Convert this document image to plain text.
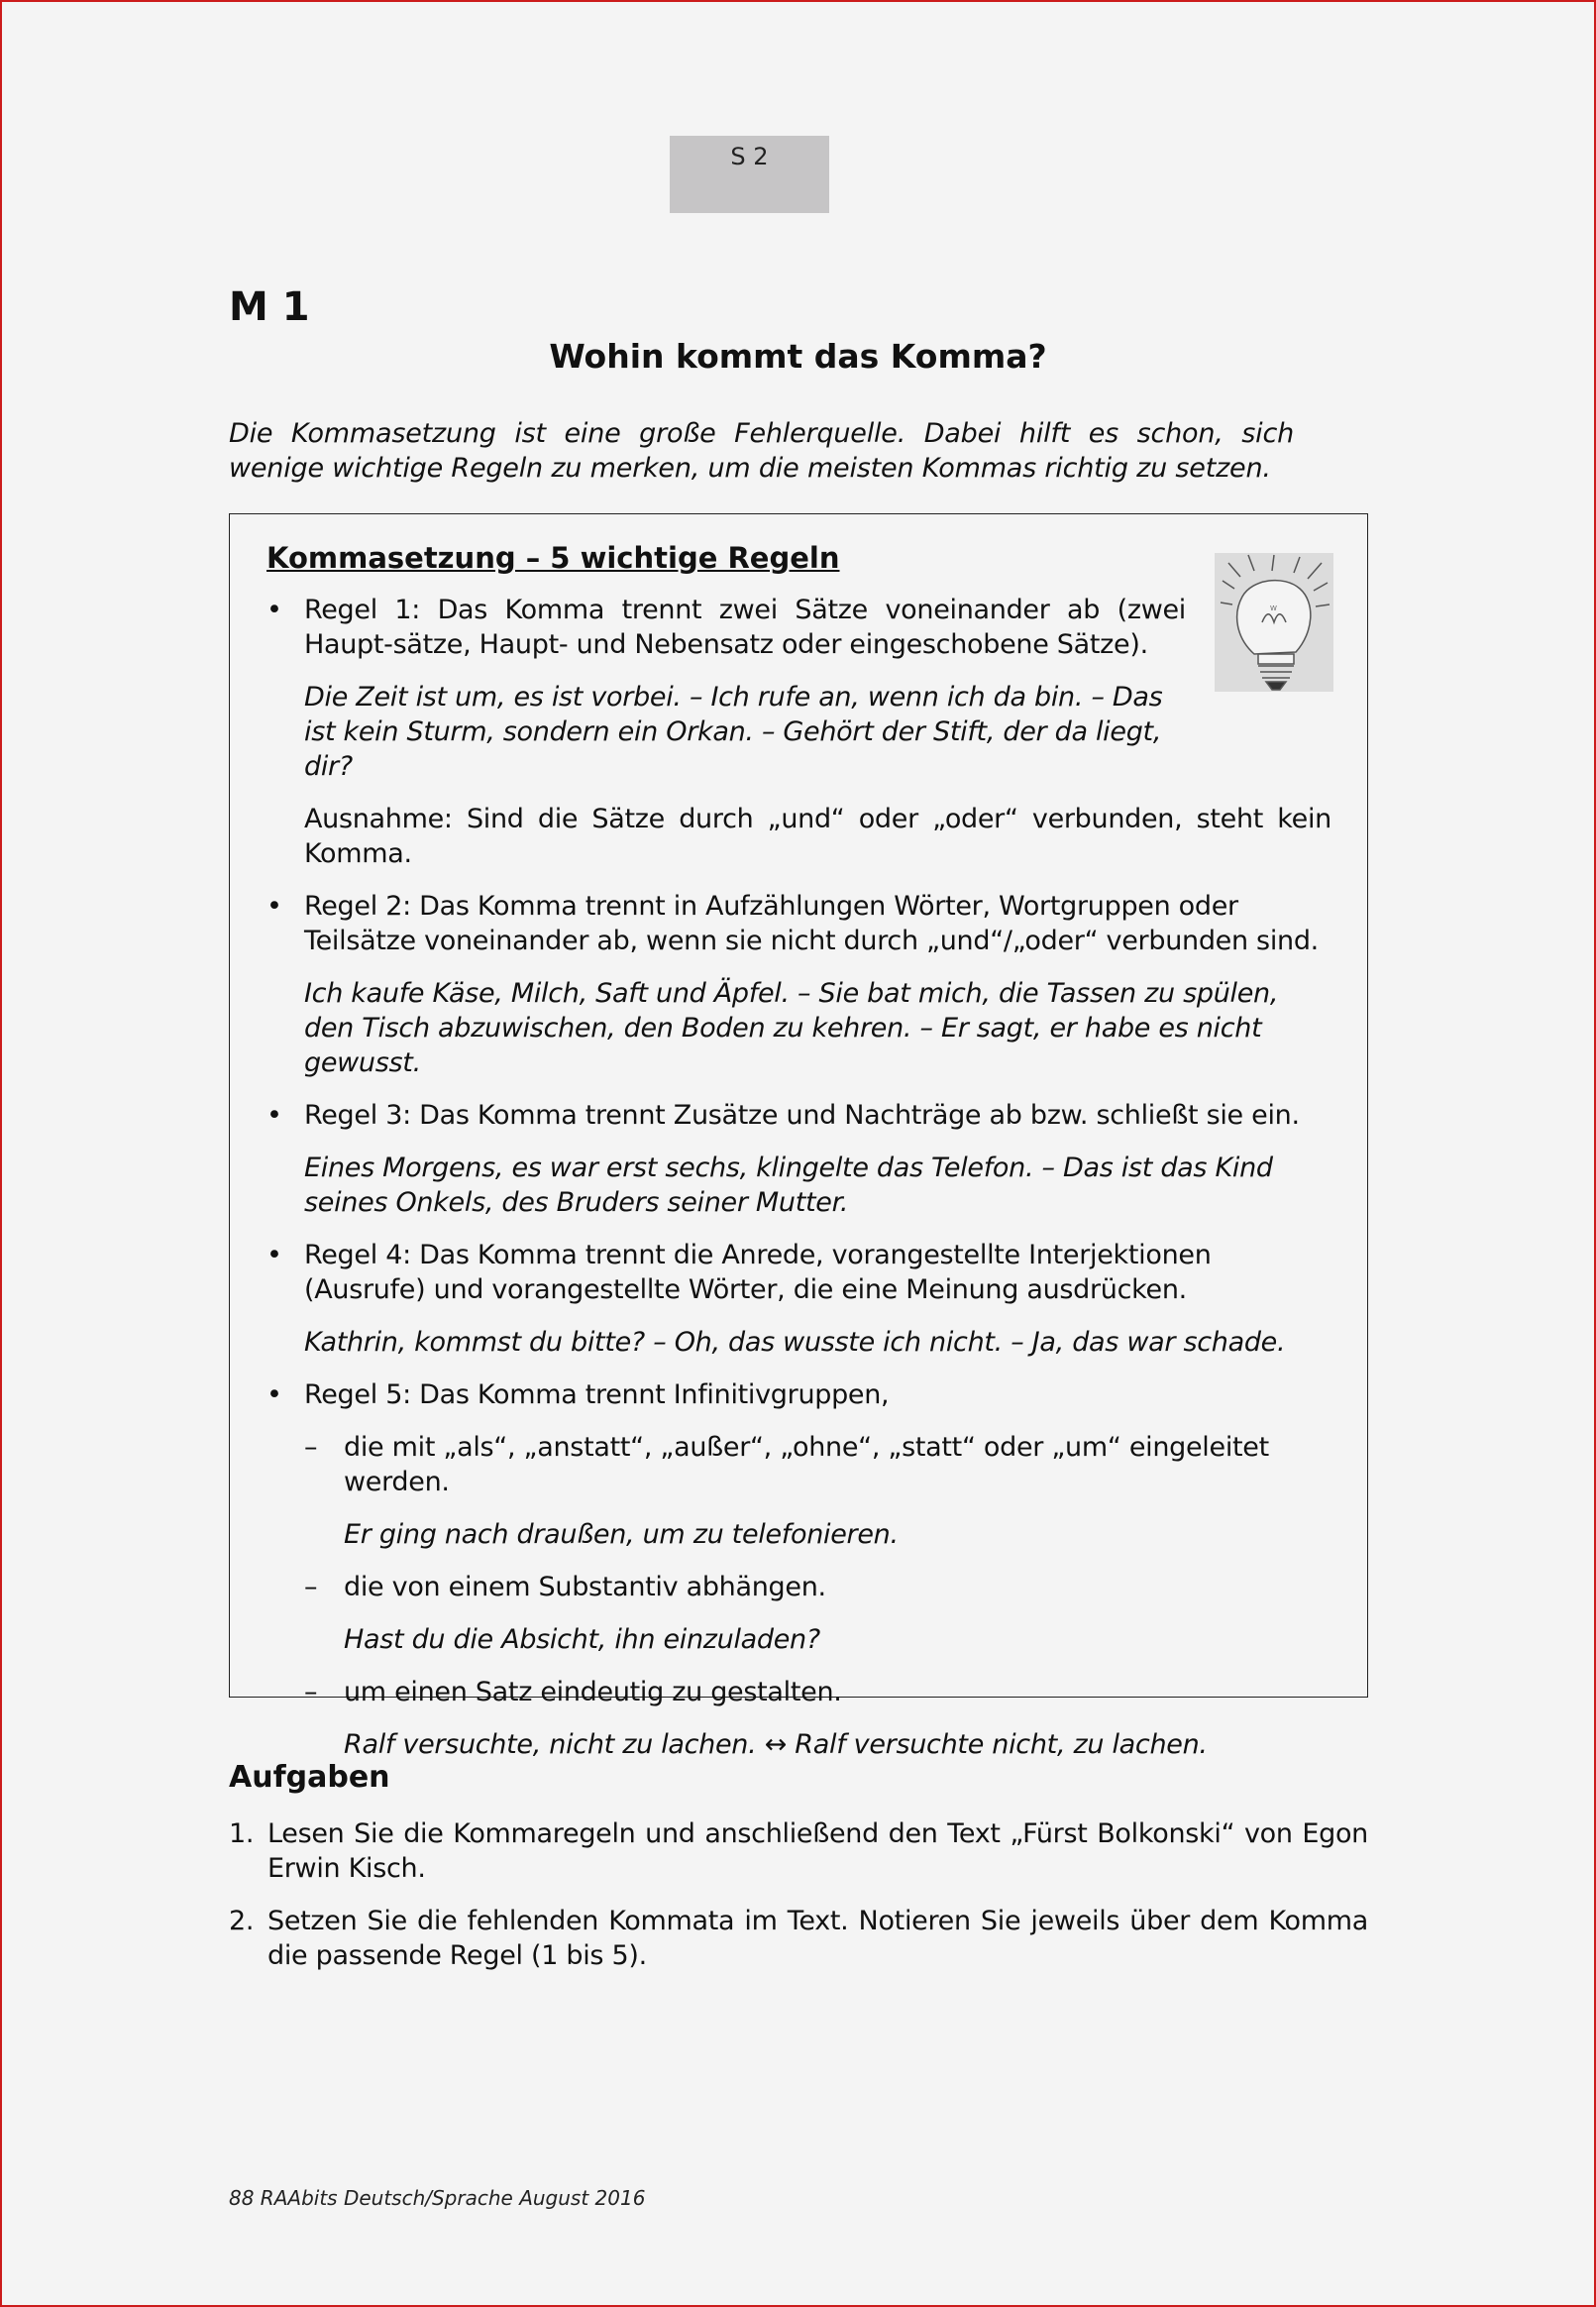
S 2
M 1
Wohin kommt das Komma?
Die Kommasetzung ist eine große Fehlerquelle. Dabei hilft es schon, sich wenige wichtige Regeln zu merken, um die meisten Kommas richtig zu setzen.
Kommasetzung – 5 wichtige Regeln
W
• Regel 1: Das Komma trennt zwei Sätze voneinander ab (zwei Haupt-sätze, Haupt- und Nebensatz oder eingeschobene Sätze).

Die Zeit ist um, es ist vorbei. – Ich rufe an, wenn ich da bin. – Das ist kein Sturm, sondern ein Orkan. – Gehört der Stift, der da liegt, dir?

Ausnahme: Sind die Sätze durch „und“ oder „oder“ verbunden, steht kein Komma.

• Regel 2: Das Komma trennt in Aufzählungen Wörter, Wortgruppen oder Teilsätze voneinander ab, wenn sie nicht durch „und“/„oder“ verbunden sind.

Ich kaufe Käse, Milch, Saft und Äpfel. – Sie bat mich, die Tassen zu spülen, den Tisch abzuwischen, den Boden zu kehren. – Er sagt, er habe es nicht gewusst.

• Regel 3: Das Komma trennt Zusätze und Nachträge ab bzw. schließt sie ein.

Eines Morgens, es war erst sechs, klingelte das Telefon. – Das ist das Kind seines Onkels, des Bruders seiner Mutter.

• Regel 4: Das Komma trennt die Anrede, vorangestellte Interjektionen (Ausrufe) und vorangestellte Wörter, die eine Meinung ausdrücken.

Kathrin, kommst du bitte? – Oh, das wusste ich nicht. – Ja, das war schade.

• Regel 5: Das Komma trennt Infinitivgruppen,

– die mit „als“, „anstatt“, „außer“, „ohne“, „statt“ oder „um“ eingeleitet werden.

Er ging nach draußen, um zu telefonieren.

– die von einem Substantiv abhängen.

Hast du die Absicht, ihn einzuladen?

– um einen Satz eindeutig zu gestalten.

Ralf versuchte, nicht zu lachen. ↔ Ralf versuchte nicht, zu lachen.

Aufgaben
1. Lesen Sie die Kommaregeln und anschließend den Text „Fürst Bolkonski“ von Egon Erwin Kisch.
2. Setzen Sie die fehlenden Kommata im Text. Notieren Sie jeweils über dem Komma die passende Regel (1 bis 5).
88 RAAbits Deutsch/Sprache August 2016
